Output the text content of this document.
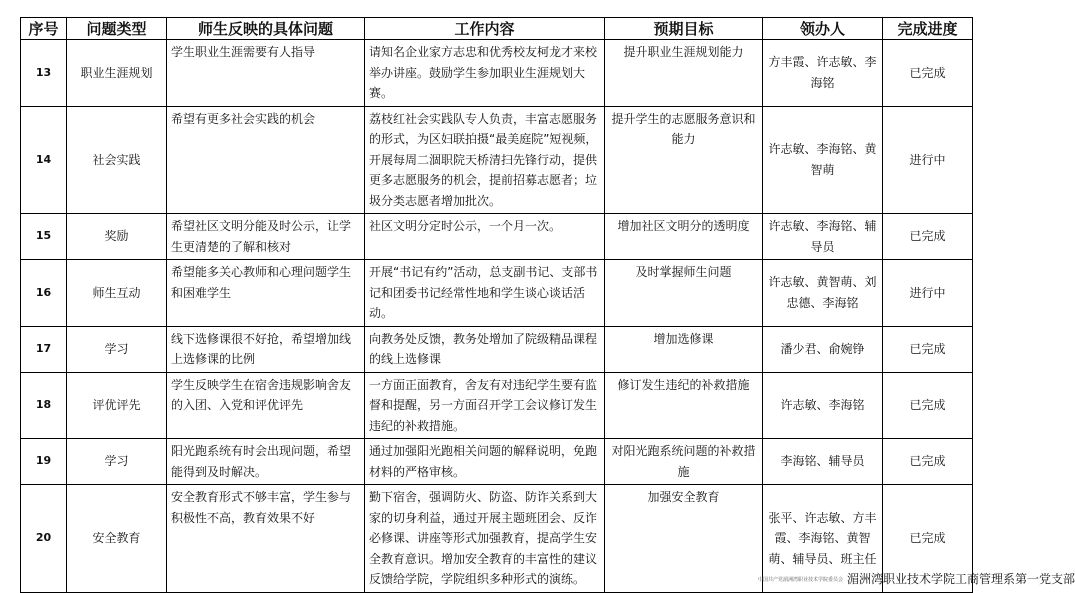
序号	问题类型	师生反映的具体问题	工作内容	预期目标	领办人	完成进度
13	职业生涯规划	学生职业生涯需要有人指导	请知名企业家方志忠和优秀校友柯龙才来校举办讲座。鼓励学生参加职业生涯规划大赛。	提升职业生涯规划能力	方丰霞、许志敏、李海铭	已完成
14	社会实践	希望有更多社会实践的机会	荔枝红社会实践队专人负责，丰富志愿服务的形式，为区妇联拍摄“最美庭院”短视频，开展每周二涸职院天桥清扫先锋行动，提供更多志愿服务的机会，提前招募志愿者；垃圾分类志愿者增加批次。	提升学生的志愿服务意识和能力	许志敏、李海铭、黄智萌	进行中
15	奖励	希望社区文明分能及时公示，让学生更清楚的了解和核对	社区文明分定时公示，一个月一次。	增加社区文明分的透明度	许志敏、李海铭、辅导员	已完成
16	师生互动	希望能多关心教师和心理问题学生和困难学生	开展“书记有约”活动，总支副书记、支部书记和团委书记经常性地和学生谈心谈话活动。	及时掌握师生问题	许志敏、黄智萌、刘忠德、李海铭	进行中
17	学习	线下选修课很不好抢，希望增加线上选修课的比例	向教务处反馈，教务处增加了院级精品课程的线上选修课	增加选修课	潘少君、俞婉铮	已完成
18	评优评先	学生反映学生在宿舍违规影响舍友的入团、入党和评优评先	一方面正面教育，舍友有对违纪学生要有监督和提醒，另一方面召开学工会议修订发生违纪的补救措施。	修订发生违纪的补救措施	许志敏、李海铭	已完成
19	学习	阳光跑系统有时会出现问题，希望能得到及时解决。	通过加强阳光跑相关问题的解释说明，免跑材料的严格审核。	对阳光跑系统问题的补救措施	李海铭、辅导员	已完成
20	安全教育	安全教育形式不够丰富，学生参与积极性不高，教育效果不好	勤下宿舍，强调防火、防盗、防诈关系到大家的切身利益，通过开展主题班团会、反诈必修课、讲座等形式加强教育，提高学生安全教育意识。增加安全教育的丰富性的建议反馈给学院，学院组织多种形式的演练。	加强安全教育	张平、许志敏、方丰霞、李海铭、黄智萌、辅导员、班主任	已完成
中国共产党湄洲湾职业技术学院委员会 湄洲湾职业技术学院工商管理系第一党支部
